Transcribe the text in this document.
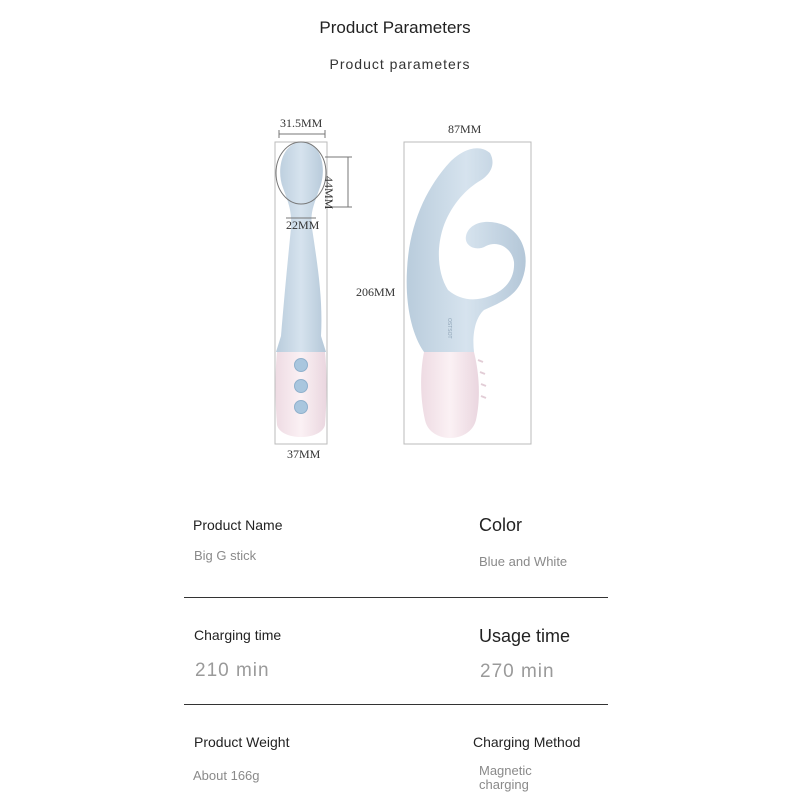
Product Parameters
Product parameters
OSTSOT
31.5MM
44MM
22MM
37MM
87MM
206MM
Product Name
Big G stick
Color
Blue and White
Charging time
210 min
Usage time
270 min
Product Weight
About 166g
Charging Method
Magnetic
charging
